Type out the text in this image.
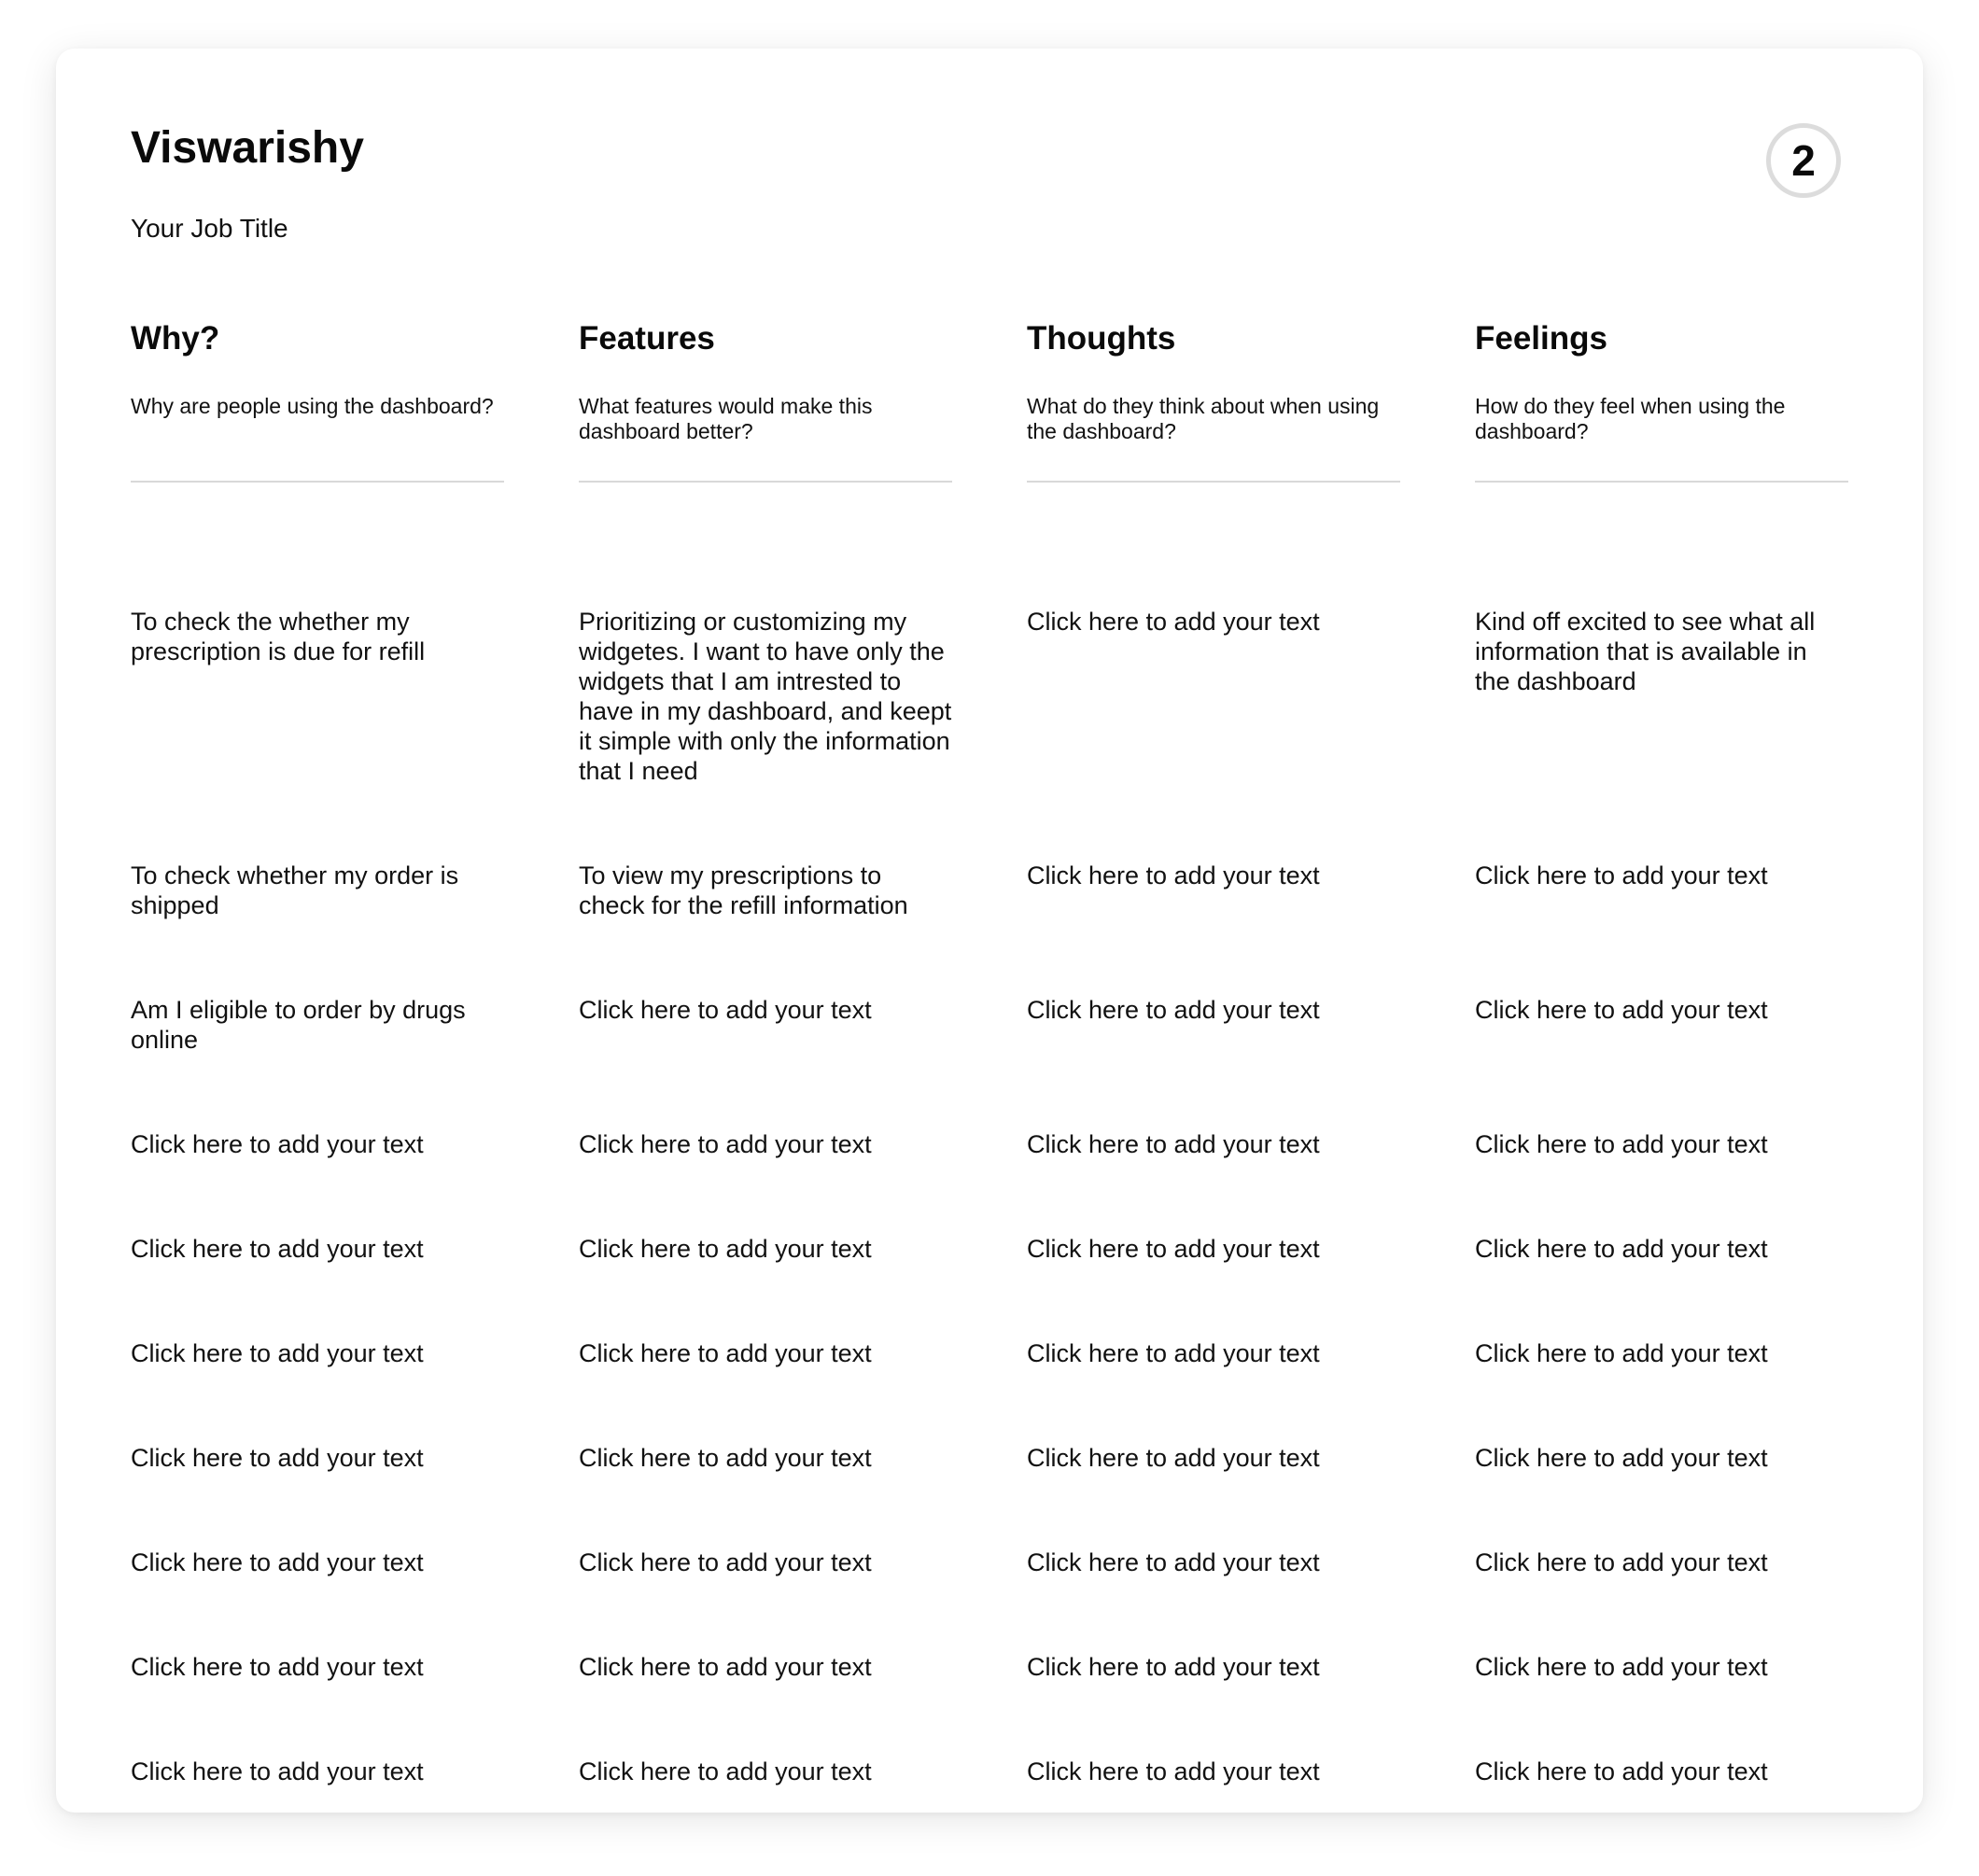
Viswarishy

Your Job Title

2
Why?

Why are people using the dashboard?

To check the whether my prescription is due for refill

To check whether my order is shipped

Am I eligible to order by drugs online

Click here to add your text

Click here to add your text

Click here to add your text

Click here to add your text

Click here to add your text

Click here to add your text

Click here to add your text

Features

What features would make this dashboard better?

Prioritizing or customizing my widgetes. I want to have only the widgets that I am intrested to have in my dashboard, and keept it simple with only the information that I need

To view my prescriptions to check for the refill information

Click here to add your text

Click here to add your text

Click here to add your text

Click here to add your text

Click here to add your text

Click here to add your text

Click here to add your text

Click here to add your text

Thoughts

What do they think about when using the dashboard?

Click here to add your text

Click here to add your text

Click here to add your text

Click here to add your text

Click here to add your text

Click here to add your text

Click here to add your text

Click here to add your text

Click here to add your text

Click here to add your text

Feelings

How do they feel when using the dashboard?

Kind off excited to see what all information that is available in the dashboard

Click here to add your text

Click here to add your text

Click here to add your text

Click here to add your text

Click here to add your text

Click here to add your text

Click here to add your text

Click here to add your text

Click here to add your text
